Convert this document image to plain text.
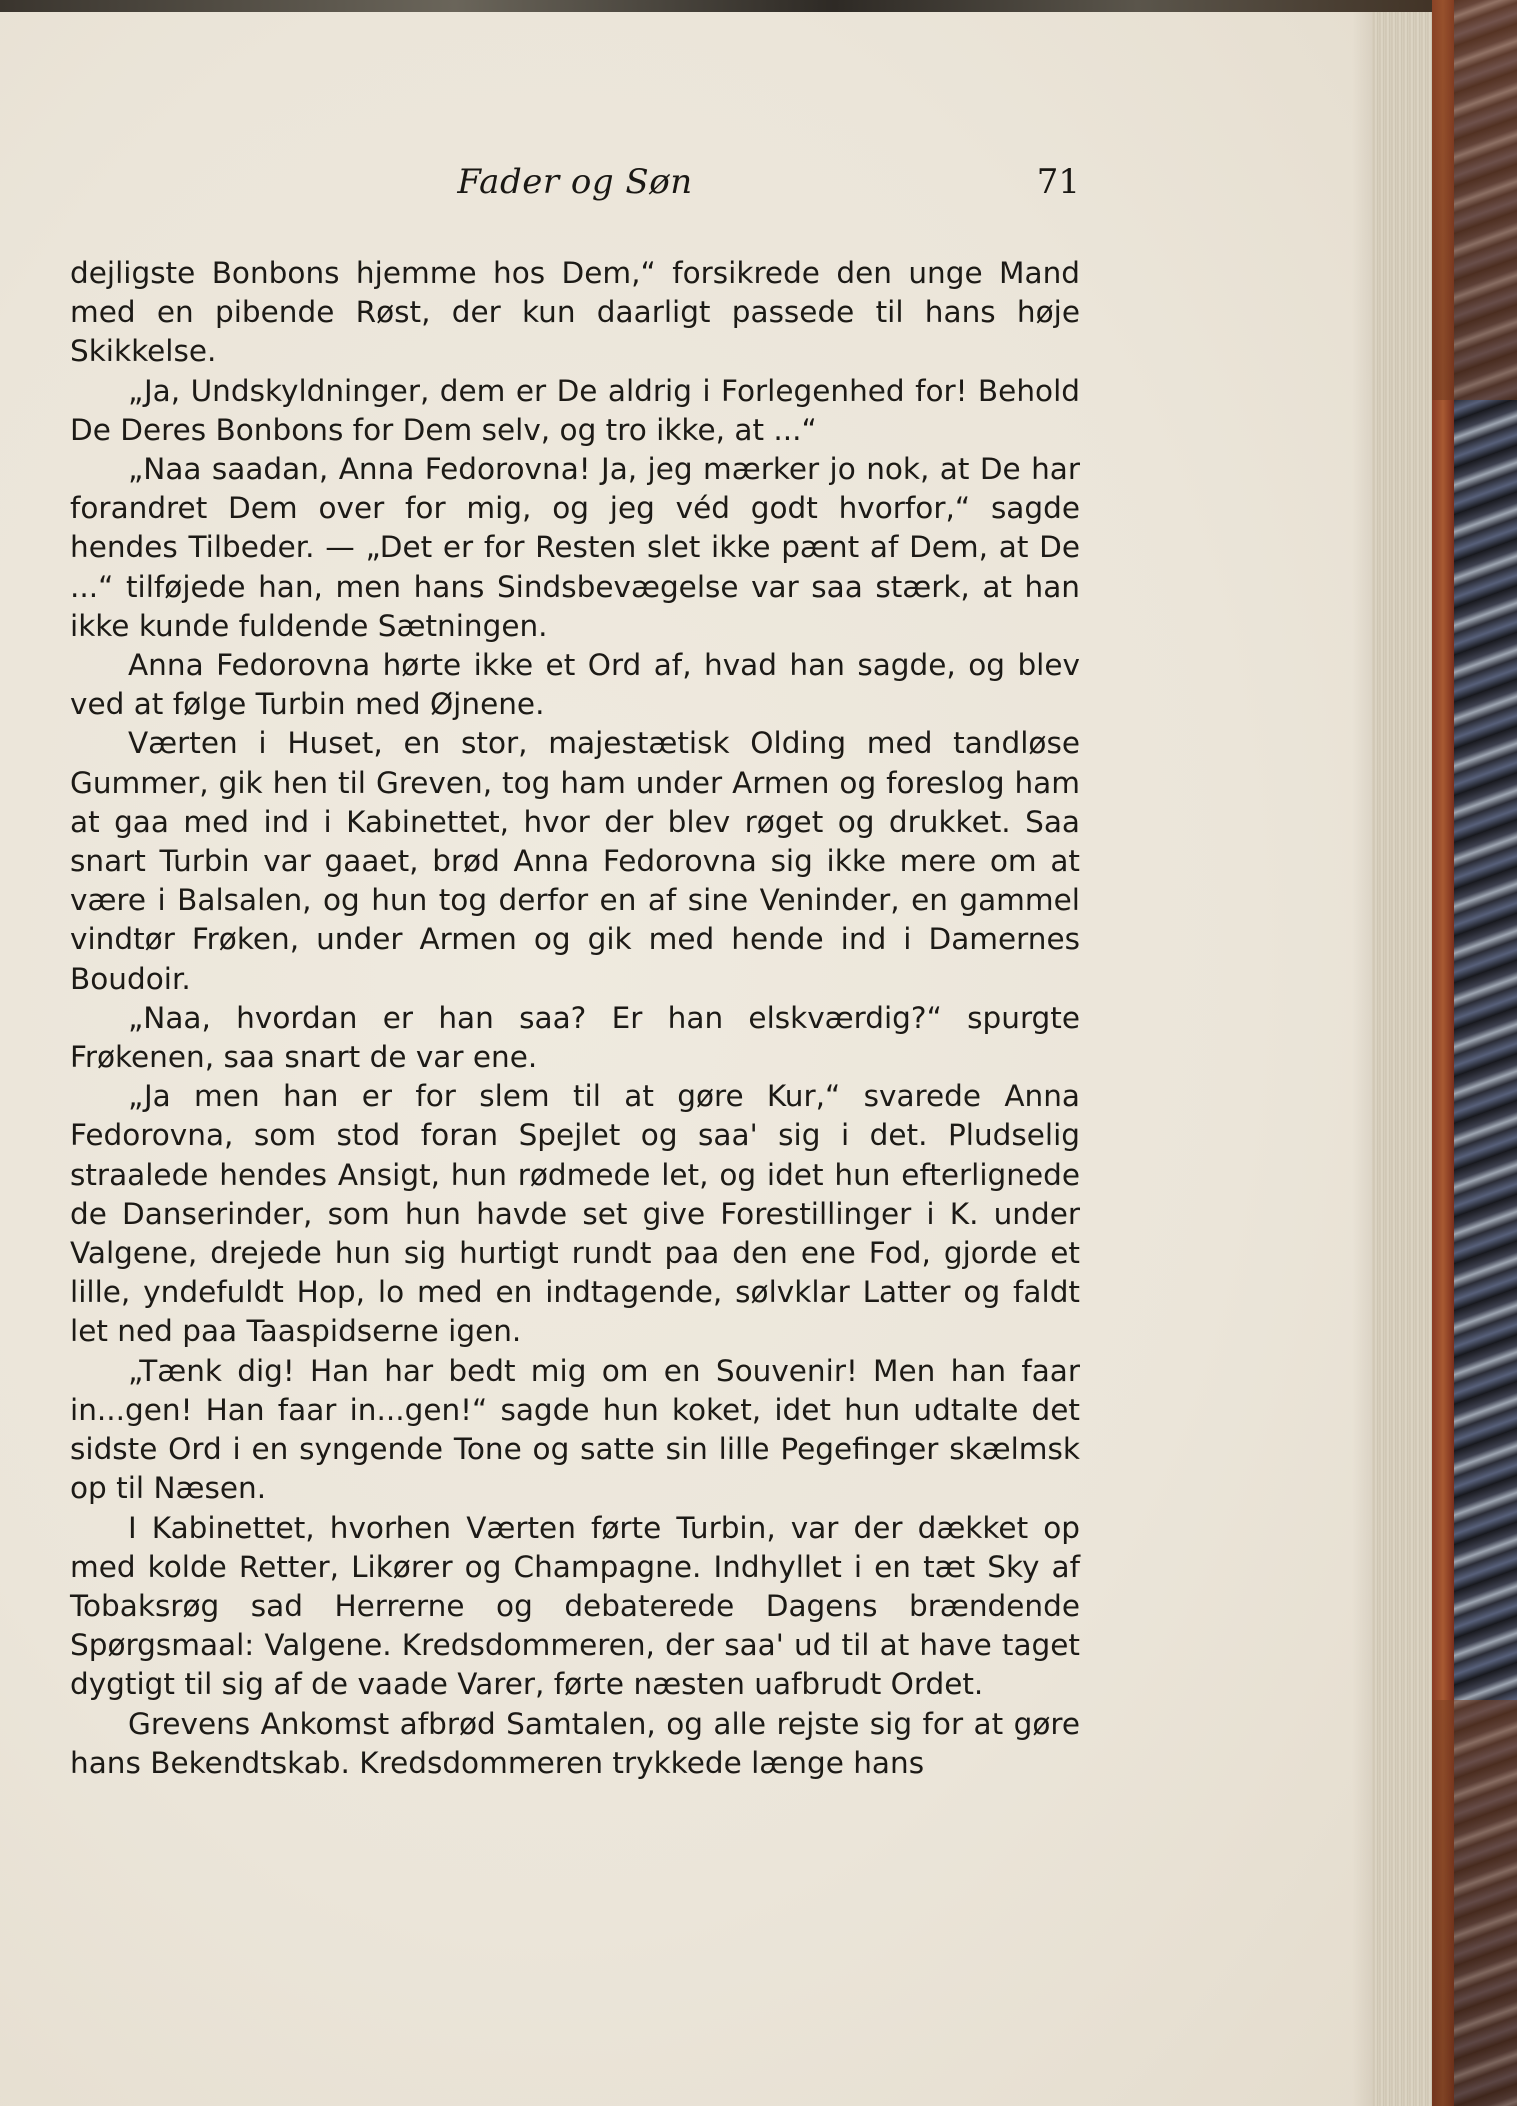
Fader og Søn	71

dejligste Bonbons hjemme hos Dem,“ forsikrede den unge Mand med en pibende Røst, der kun daarligt passede til hans høje Skikkelse.

„Ja, Undskyldninger, dem er De aldrig i Forlegenhed for! Behold De Deres Bonbons for Dem selv, og tro ikke, at ...“

„Naa saadan, Anna Fedorovna! Ja, jeg mærker jo nok, at De har forandret Dem over for mig, og jeg véd godt hvorfor,“ sagde hendes Tilbeder. — „Det er for Resten slet ikke pænt af Dem, at De ...“ tilføjede han, men hans Sindsbevægelse var saa stærk, at han ikke kunde fuldende Sætningen.

Anna Fedorovna hørte ikke et Ord af, hvad han sagde, og blev ved at følge Turbin med Øjnene.

Værten i Huset, en stor, majestætisk Olding med tandløse Gummer, gik hen til Greven, tog ham under Armen og foreslog ham at gaa med ind i Kabinettet, hvor der blev røget og drukket. Saa snart Turbin var gaaet, brød Anna Fedorovna sig ikke mere om at være i Balsalen, og hun tog derfor en af sine Veninder, en gammel vindtør Frøken, under Armen og gik med hende ind i Damernes Boudoir.

„Naa, hvordan er han saa? Er han elskværdig?“ spurgte Frøkenen, saa snart de var ene.

„Ja men han er for slem til at gøre Kur,“ svarede Anna Fedorovna, som stod foran Spejlet og saa' sig i det. Pludselig straalede hendes Ansigt, hun rødmede let, og idet hun efterlignede de Danserinder, som hun havde set give Forestillinger i K. under Valgene, drejede hun sig hurtigt rundt paa den ene Fod, gjorde et lille, yndefuldt Hop, lo med en indtagende, sølvklar Latter og faldt let ned paa Taaspidserne igen.

„Tænk dig! Han har bedt mig om en Souvenir! Men han faar in...gen! Han faar in...gen!“ sagde hun koket, idet hun udtalte det sidste Ord i en syngende Tone og satte sin lille Pegefinger skælmsk op til Næsen.

I Kabinettet, hvorhen Værten førte Turbin, var der dækket op med kolde Retter, Likører og Champagne. Indhyllet i en tæt Sky af Tobaksrøg sad Herrerne og debaterede Dagens brændende Spørgsmaal: Valgene. Kredsdommeren, der saa' ud til at have taget dygtigt til sig af de vaade Varer, førte næsten uafbrudt Ordet.

Grevens Ankomst afbrød Samtalen, og alle rejste sig for at gøre hans Bekendtskab. Kredsdommeren trykkede længe hans
